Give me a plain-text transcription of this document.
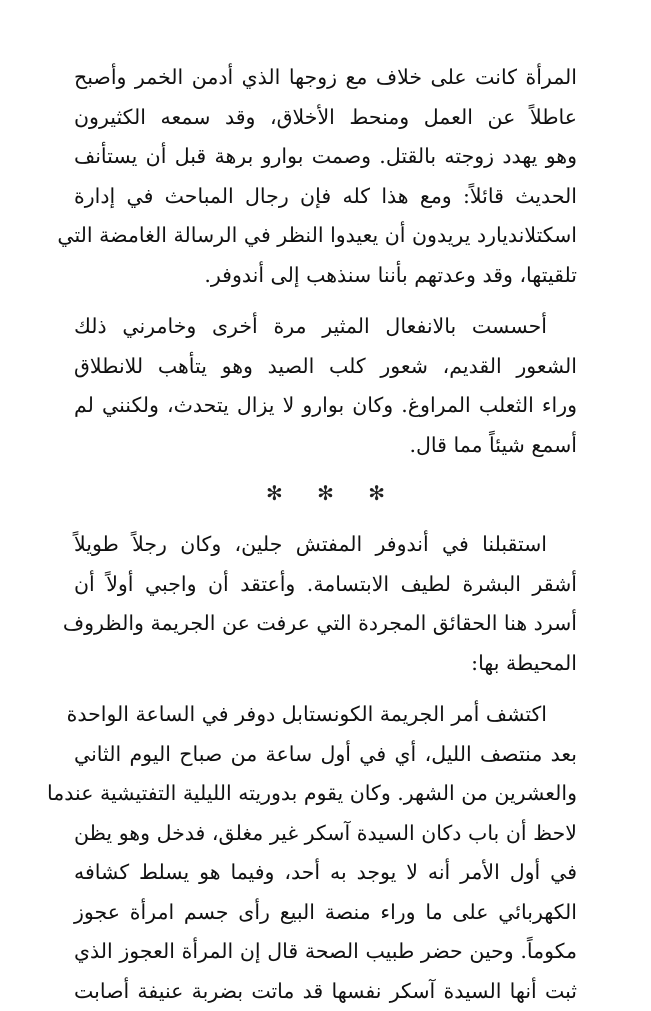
المرأة كانت على خلاف مع زوجها الذي أدمن الخمر وأصبح
عاطلاً عن العمل ومنحط الأخلاق، وقد سمعه الكثيرون
وهو يهدد زوجته بالقتل. وصمت بوارو برهة قبل أن يستأنف
الحديث قائلاً: ومع هذا كله فإن رجال المباحث في إدارة
اسكتلانديارد يريدون أن يعيدوا النظر في الرسالة الغامضة التي
تلقيتها، وقد وعدتهم بأننا سنذهب إلى أندوفر.

أحسست بالانفعال المثير مرة أخرى وخامرني ذلك
الشعور القديم، شعور كلب الصيد وهو يتأهب للانطلاق
وراء الثعلب المراوغ. وكان بوارو لا يزال يتحدث، ولكنني لم
أسمع شيئاً مما قال.

✻ ✻ ✻

استقبلنا في أندوفر المفتش جلين، وكان رجلاً طويلاً
أشقر البشرة لطيف الابتسامة. وأعتقد أن واجبي أولاً أن
أسرد هنا الحقائق المجردة التي عرفت عن الجريمة والظروف
المحيطة بها:

اكتشف أمر الجريمة الكونستابل دوفر في الساعة الواحدة
بعد منتصف الليل، أي في أول ساعة من صباح اليوم الثاني
والعشرين من الشهر. وكان يقوم بدوريته الليلية التفتيشية عندما
لاحظ أن باب دكان السيدة آسكر غير مغلق، فدخل وهو يظن
في أول الأمر أنه لا يوجد به أحد، وفيما هو يسلط كشافه
الكهربائي على ما وراء منصة البيع رأى جسم امرأة عجوز
مكوماً. وحين حضر طبيب الصحة قال إن المرأة العجوز الذي
ثبت أنها السيدة آسكر نفسها قد ماتت بضربة عنيفة أصابت
